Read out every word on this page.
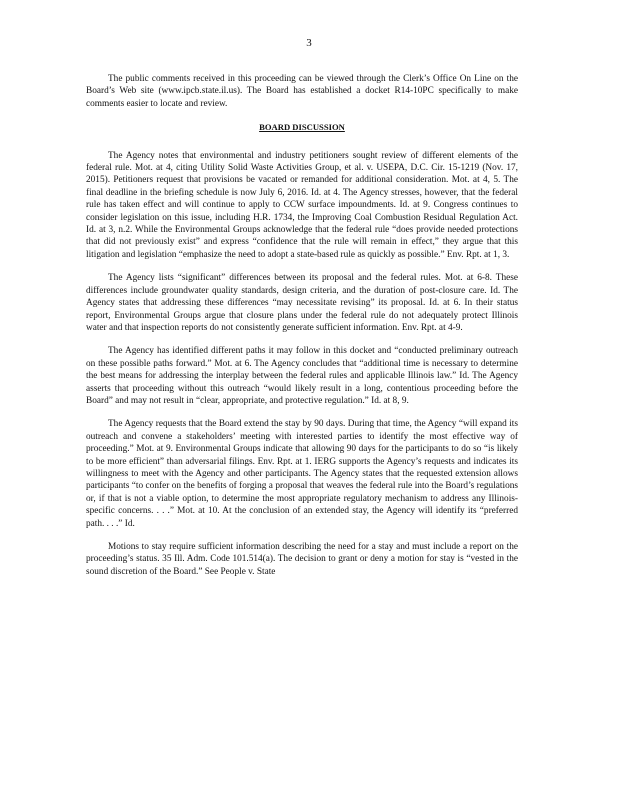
3

The public comments received in this proceeding can be viewed through the Clerk’s Office On Line on the Board’s Web site (www.ipcb.state.il.us). The Board has established a docket R14-10PC specifically to make comments easier to locate and review.

BOARD DISCUSSION

The Agency notes that environmental and industry petitioners sought review of different elements of the federal rule. Mot. at 4, citing Utility Solid Waste Activities Group, et al. v. USEPA, D.C. Cir. 15-1219 (Nov. 17, 2015). Petitioners request that provisions be vacated or remanded for additional consideration. Mot. at 4, 5. The final deadline in the briefing schedule is now July 6, 2016. Id. at 4. The Agency stresses, however, that the federal rule has taken effect and will continue to apply to CCW surface impoundments. Id. at 9. Congress continues to consider legislation on this issue, including H.R. 1734, the Improving Coal Combustion Residual Regulation Act. Id. at 3, n.2. While the Environmental Groups acknowledge that the federal rule “does provide needed protections that did not previously exist” and express “confidence that the rule will remain in effect,” they argue that this litigation and legislation “emphasize the need to adopt a state-based rule as quickly as possible.” Env. Rpt. at 1, 3.

The Agency lists “significant” differences between its proposal and the federal rules. Mot. at 6-8. These differences include groundwater quality standards, design criteria, and the duration of post-closure care. Id. The Agency states that addressing these differences “may necessitate revising” its proposal. Id. at 6. In their status report, Environmental Groups argue that closure plans under the federal rule do not adequately protect Illinois water and that inspection reports do not consistently generate sufficient information. Env. Rpt. at 4-9.

The Agency has identified different paths it may follow in this docket and “conducted preliminary outreach on these possible paths forward.” Mot. at 6. The Agency concludes that “additional time is necessary to determine the best means for addressing the interplay between the federal rules and applicable Illinois law.” Id. The Agency asserts that proceeding without this outreach “would likely result in a long, contentious proceeding before the Board” and may not result in “clear, appropriate, and protective regulation.” Id. at 8, 9.

The Agency requests that the Board extend the stay by 90 days. During that time, the Agency “will expand its outreach and convene a stakeholders’ meeting with interested parties to identify the most effective way of proceeding.” Mot. at 9. Environmental Groups indicate that allowing 90 days for the participants to do so “is likely to be more efficient” than adversarial filings. Env. Rpt. at 1. IERG supports the Agency’s requests and indicates its willingness to meet with the Agency and other participants. The Agency states that the requested extension allows participants “to confer on the benefits of forging a proposal that weaves the federal rule into the Board’s regulations or, if that is not a viable option, to determine the most appropriate regulatory mechanism to address any Illinois-specific concerns. . . .” Mot. at 10. At the conclusion of an extended stay, the Agency will identify its “preferred path. . . .” Id.

Motions to stay require sufficient information describing the need for a stay and must include a report on the proceeding’s status. 35 Ill. Adm. Code 101.514(a). The decision to grant or deny a motion for stay is “vested in the sound discretion of the Board.” See People v. State
